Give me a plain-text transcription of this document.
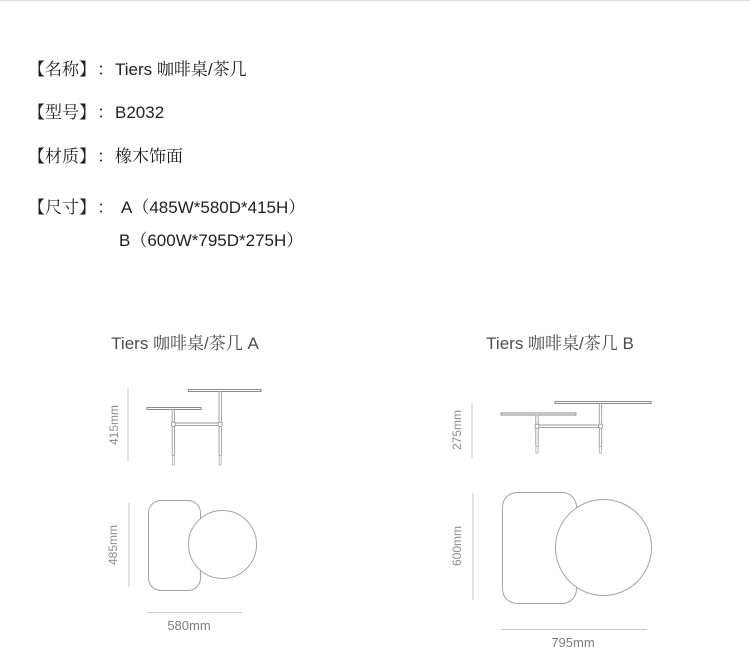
【名称】 ： Tiers 咖啡桌/茶几
【型号】 ： B2032
【材质】 ： 橡木饰面
【尺寸】 ： A（485W*580D*415H）
B（600W*795D*275H）
Tiers 咖啡桌/茶几 A	Tiers 咖啡桌/茶几 B
415mm
485mm
580mm
275mm
600mm
795mm
